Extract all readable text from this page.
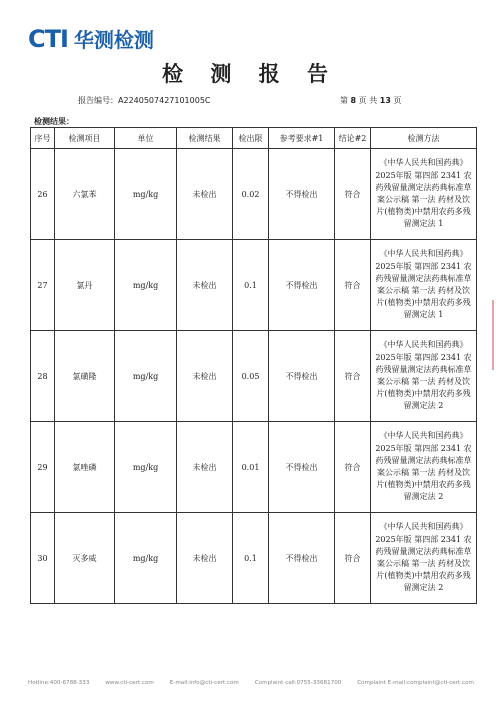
CTI 华测检测
检 测 报 告
报告编号：A2240507427101005C	第 8 页 共 13 页
检测结果：
序号	检测项目	单位	检测结果	检出限	参考要求#1	结论#2	检测方法
26	六氯苯	mg/kg	未检出	0.02	不得检出	符合	《中华人民共和国药典》2025年版 第四部 2341 农药残留量测定法药典标准草案公示稿 第一法 药材及饮片(植物类)中禁用农药多残留测定法 1
27	氯丹	mg/kg	未检出	0.1	不得检出	符合	《中华人民共和国药典》2025年版 第四部 2341 农药残留量测定法药典标准草案公示稿 第一法 药材及饮片(植物类)中禁用农药多残留测定法 1
28	氯磺隆	mg/kg	未检出	0.05	不得检出	符合	《中华人民共和国药典》2025年版 第四部 2341 农药残留量测定法药典标准草案公示稿 第一法 药材及饮片(植物类)中禁用农药多残留测定法 2
29	氯唑磷	mg/kg	未检出	0.01	不得检出	符合	《中华人民共和国药典》2025年版 第四部 2341 农药残留量测定法药典标准草案公示稿 第一法 药材及饮片(植物类)中禁用农药多残留测定法 2
30	灭多威	mg/kg	未检出	0.1	不得检出	符合	《中华人民共和国药典》2025年版 第四部 2341 农药残留量测定法药典标准草案公示稿 第一法 药材及饮片(植物类)中禁用农药多残留测定法 2
Hotline:400-6788-333	www.cti-cert.com	E-mail:info@cti-cert.com	Complaint call:0755-33681700	Complaint E-mail:complaint@cti-cert.com
